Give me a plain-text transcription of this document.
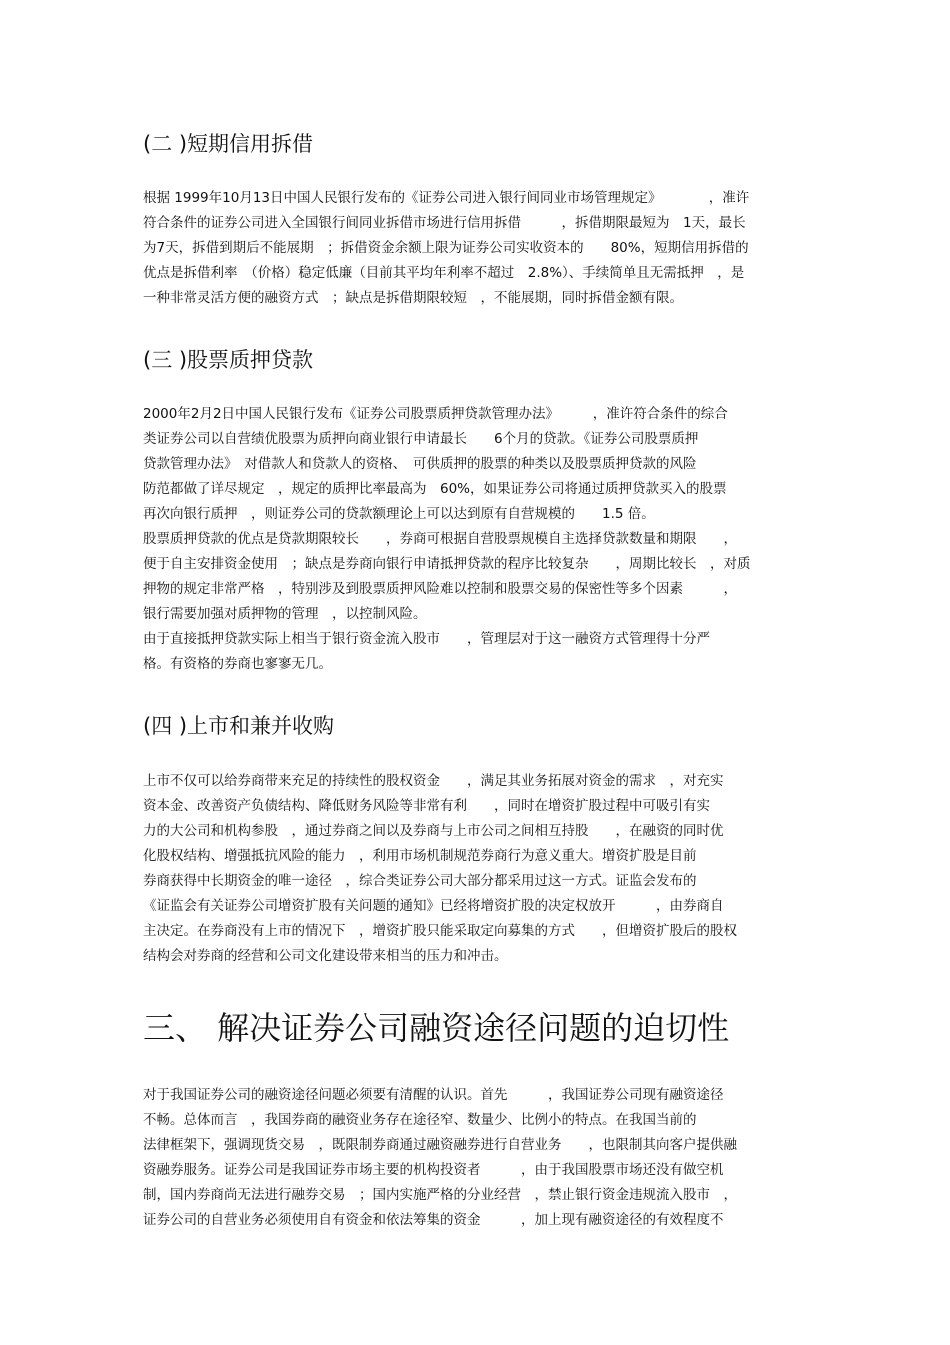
(二 )短期信用拆借
根据 1999年10月13日中国人民银行发布的《证券公司进入银行间同业市场管理规定》　　　　，准许
符合条件的证券公司进入全国银行间同业拆借市场进行信用拆借　　　，拆借期限最短为　1天，最长
为7天，拆借到期后不能展期　；拆借资金余额上限为证券公司实收资本的　　80%，短期信用拆借的
优点是拆借利率　（价格）稳定低廉（目前其平均年利率不超过　2.8%）、手续简单且无需抵押　，是
一种非常灵活方便的融资方式　；缺点是拆借期限较短　，不能展期，同时拆借金额有限。
(三 )股票质押贷款
2000年2月2日中国人民银行发布《证券公司股票质押贷款管理办法》　　　，准许符合条件的综合
类证券公司以自营绩优股票为质押向商业银行申请最长　　6个月的贷款。《证券公司股票质押
贷款管理办法》　对借款人和贷款人的资格、　可供质押的股票的种类以及股票质押贷款的风险
防范都做了详尽规定　，规定的质押比率最高为　60%，如果证券公司将通过质押贷款买入的股票
再次向银行质押　，则证券公司的贷款额理论上可以达到原有自营规模的　　1.5 倍。
股票质押贷款的优点是贷款期限较长　　，券商可根据自营股票规模自主选择贷款数量和期限　　，
便于自主安排资金使用　；缺点是券商向银行申请抵押贷款的程序比较复杂　　，周期比较长　，对质
押物的规定非常严格　，特别涉及到股票质押风险难以控制和股票交易的保密性等多个因素　　　，
银行需要加强对质押物的管理　，以控制风险。
由于直接抵押贷款实际上相当于银行资金流入股市　　，管理层对于这一融资方式管理得十分严
格。有资格的券商也寥寥无几。
(四 )上市和兼并收购
上市不仅可以给券商带来充足的持续性的股权资金　　，满足其业务拓展对资金的需求　，对充实
资本金、改善资产负债结构、降低财务风险等非常有利　　，同时在增资扩股过程中可吸引有实
力的大公司和机构参股　，通过券商之间以及券商与上市公司之间相互持股　　，在融资的同时优
化股权结构、增强抵抗风险的能力　，利用市场机制规范券商行为意义重大。增资扩股是目前
券商获得中长期资金的唯一途径　，综合类证券公司大部分都采用过这一方式。证监会发布的
《证监会有关证券公司增资扩股有关问题的通知》已经将增资扩股的决定权放开　　　，由券商自
主决定。在券商没有上市的情况下　，增资扩股只能采取定向募集的方式　　，但增资扩股后的股权
结构会对券商的经营和公司文化建设带来相当的压力和冲击。
三、 解决证券公司融资途径问题的迫切性
对于我国证券公司的融资途径问题必须要有清醒的认识。首先　　　，我国证券公司现有融资途径
不畅。总体而言　，我国券商的融资业务存在途径窄、数量少、比例小的特点。在我国当前的
法律框架下，强调现货交易　，既限制券商通过融资融券进行自营业务　　，也限制其向客户提供融
资融券服务。证券公司是我国证券市场主要的机构投资者　　　，由于我国股票市场还没有做空机
制，国内券商尚无法进行融券交易　；国内实施严格的分业经营　，禁止银行资金违规流入股市　，
证券公司的自营业务必须使用自有资金和依法筹集的资金　　　，加上现有融资途径的有效程度不
